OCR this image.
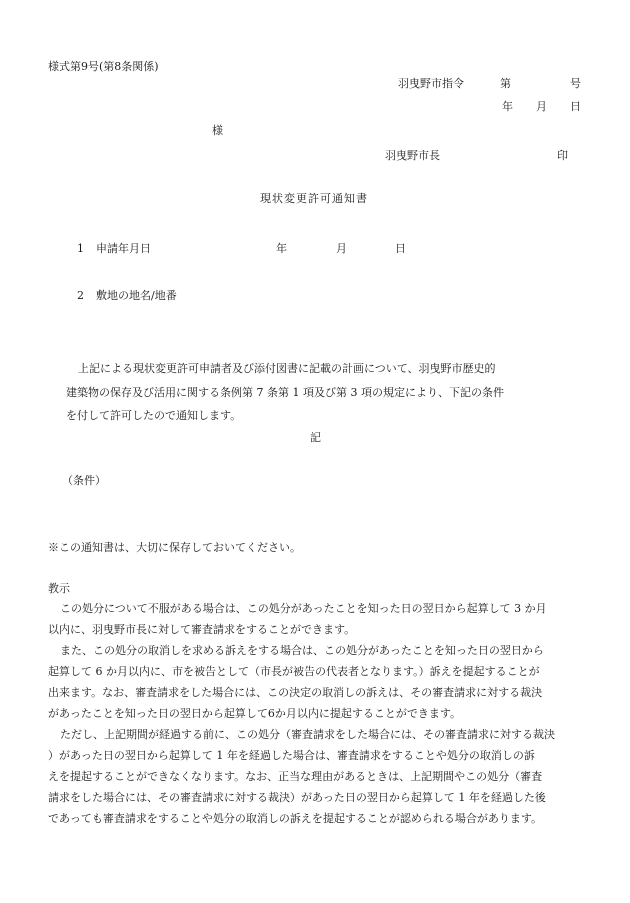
様式第9号(第8条関係)
羽曳野市指令	第	号
年 月 日
様
羽曳野市長	印
現状変更許可通知書
1 申請年月日	年	月	日
2 敷地の地名/地番
上記による現状変更許可申請者及び添付図書に記載の計画について、羽曳野市歴史的
建築物の保存及び活用に関する条例第 7 条第 1 項及び第 3 項の規定により、下記の条件
を付して許可したので通知します。
記
（条件）
※この通知書は、大切に保存しておいてください。
教示
この処分について不服がある場合は、この処分があったことを知った日の翌日から起算して 3 か月
以内に、羽曳野市長に対して審査請求をすることができます。
また、この処分の取消しを求める訴えをする場合は、この処分があったことを知った日の翌日から
起算して 6 か月以内に、市を被告として（市長が被告の代表者となります。）訴えを提起することが
出来ます。なお、審査請求をした場合には、この決定の取消しの訴えは、その審査請求に対する裁決
があったことを知った日の翌日から起算して6か月以内に提起することができます。
ただし、上記期間が経過する前に、この処分（審査請求をした場合には、その審査請求に対する裁決
）があった日の翌日から起算して 1 年を経過した場合は、審査請求をすることや処分の取消しの訴
えを提起することができなくなります。なお、正当な理由があるときは、上記期間やこの処分（審査
請求をした場合には、その審査請求に対する裁決）があった日の翌日から起算して 1 年を経過した後
であっても審査請求をすることや処分の取消しの訴えを提起することが認められる場合があります。
